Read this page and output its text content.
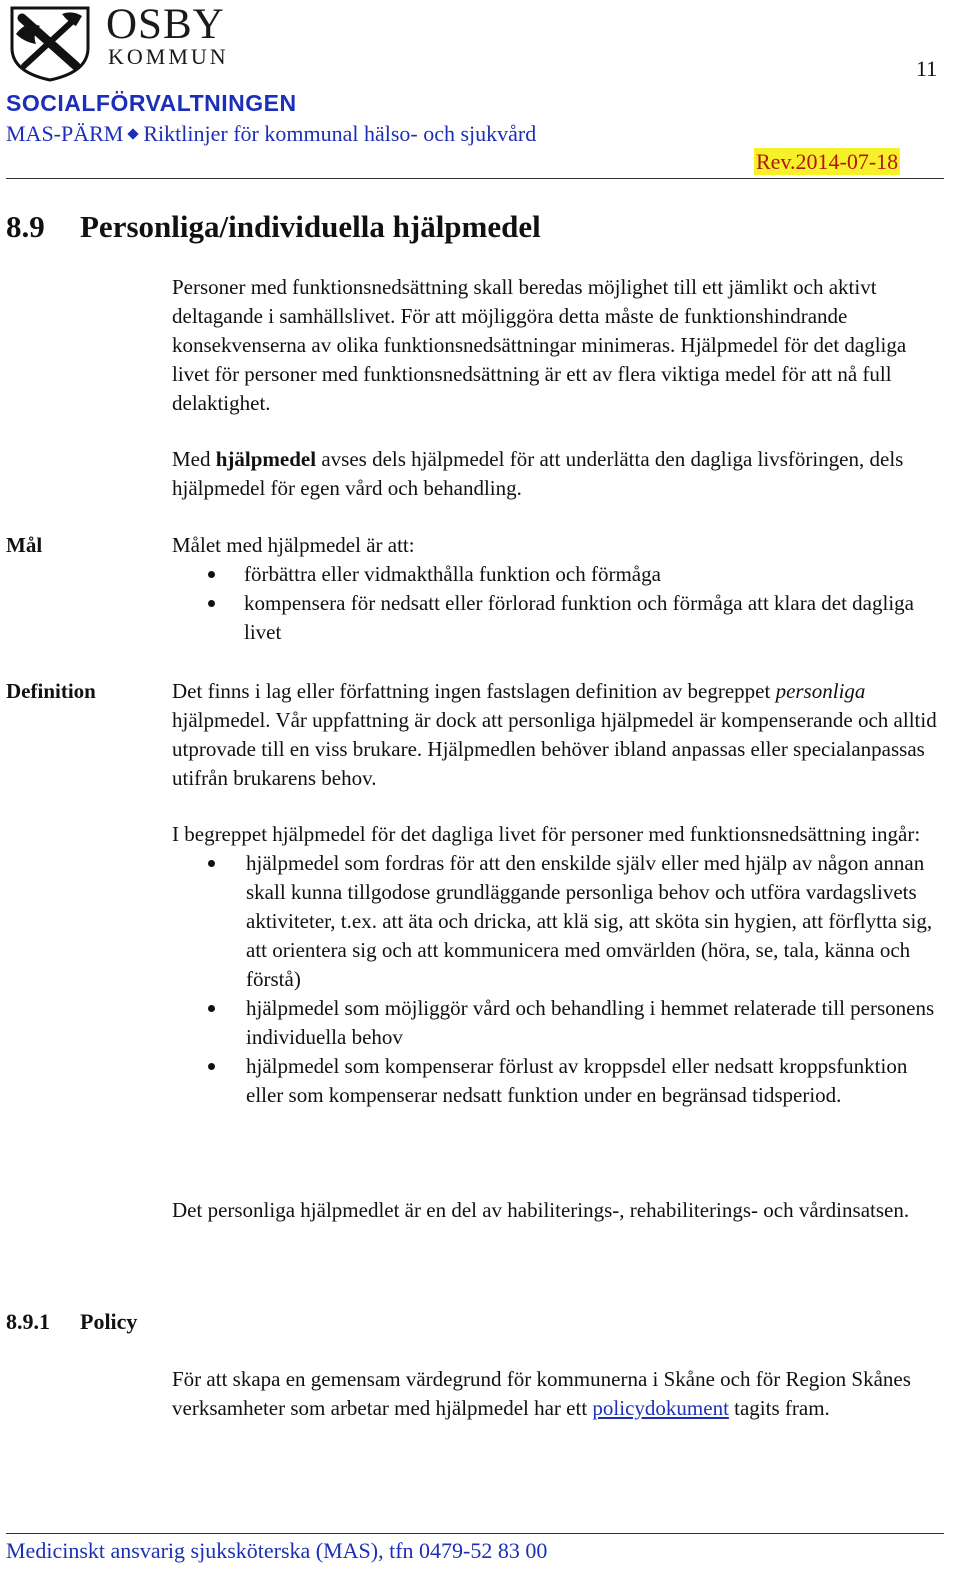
OSBY
KOMMUN	11
SOCIALFÖRVALTNINGEN
MAS-PÄRM Riktlinjer för kommunal hälso- och sjukvård
Rev.2014-07-18
8.9 Personliga/individuella hjälpmedel
Personer med funktionsnedsättning skall beredas möjlighet till ett jämlikt och aktivt deltagande i samhällslivet. För att möjliggöra detta måste de funktionshindrande konsekvenserna av olika funktionsnedsättningar minimeras. Hjälpmedel för det dagliga livet för personer med funktionsnedsättning är ett av flera viktiga medel för att nå full delaktighet.
Med hjälpmedel avses dels hjälpmedel för att underlätta den dagliga livsföringen, dels hjälpmedel för egen vård och behandling.
Mål	Målet med hjälpmedel är att:
förbättra eller vidmakthålla funktion och förmåga
kompensera för nedsatt eller förlorad funktion och förmåga att klara det dagliga livet
Definition	Det finns i lag eller författning ingen fastslagen definition av begreppet personliga hjälpmedel. Vår uppfattning är dock att personliga hjälpmedel är kompenserande och alltid utprovade till en viss brukare. Hjälpmedlen behöver ibland anpassas eller specialanpassas utifrån brukarens behov.
I begreppet hjälpmedel för det dagliga livet för personer med funktionsnedsättning ingår:
hjälpmedel som fordras för att den enskilde själv eller med hjälp av någon annan skall kunna tillgodose grundläggande personliga behov och utföra vardagslivets aktiviteter, t.ex. att äta och dricka, att klä sig, att sköta sin hygien, att förflytta sig, att orientera sig och att kommunicera med omvärlden (höra, se, tala, känna och förstå)
hjälpmedel som möjliggör vård och behandling i hemmet relaterade till personens individuella behov
hjälpmedel som kompenserar förlust av kroppsdel eller nedsatt kroppsfunktion eller som kompenserar nedsatt funktion under en begränsad tidsperiod.
Det personliga hjälpmedlet är en del av habiliterings-, rehabiliterings- och vårdinsatsen.
8.9.1 Policy
För att skapa en gemensam värdegrund för kommunerna i Skåne och för Region Skånes verksamheter som arbetar med hjälpmedel har ett policydokument tagits fram.
Medicinskt ansvarig sjuksköterska (MAS), tfn 0479-52 83 00
